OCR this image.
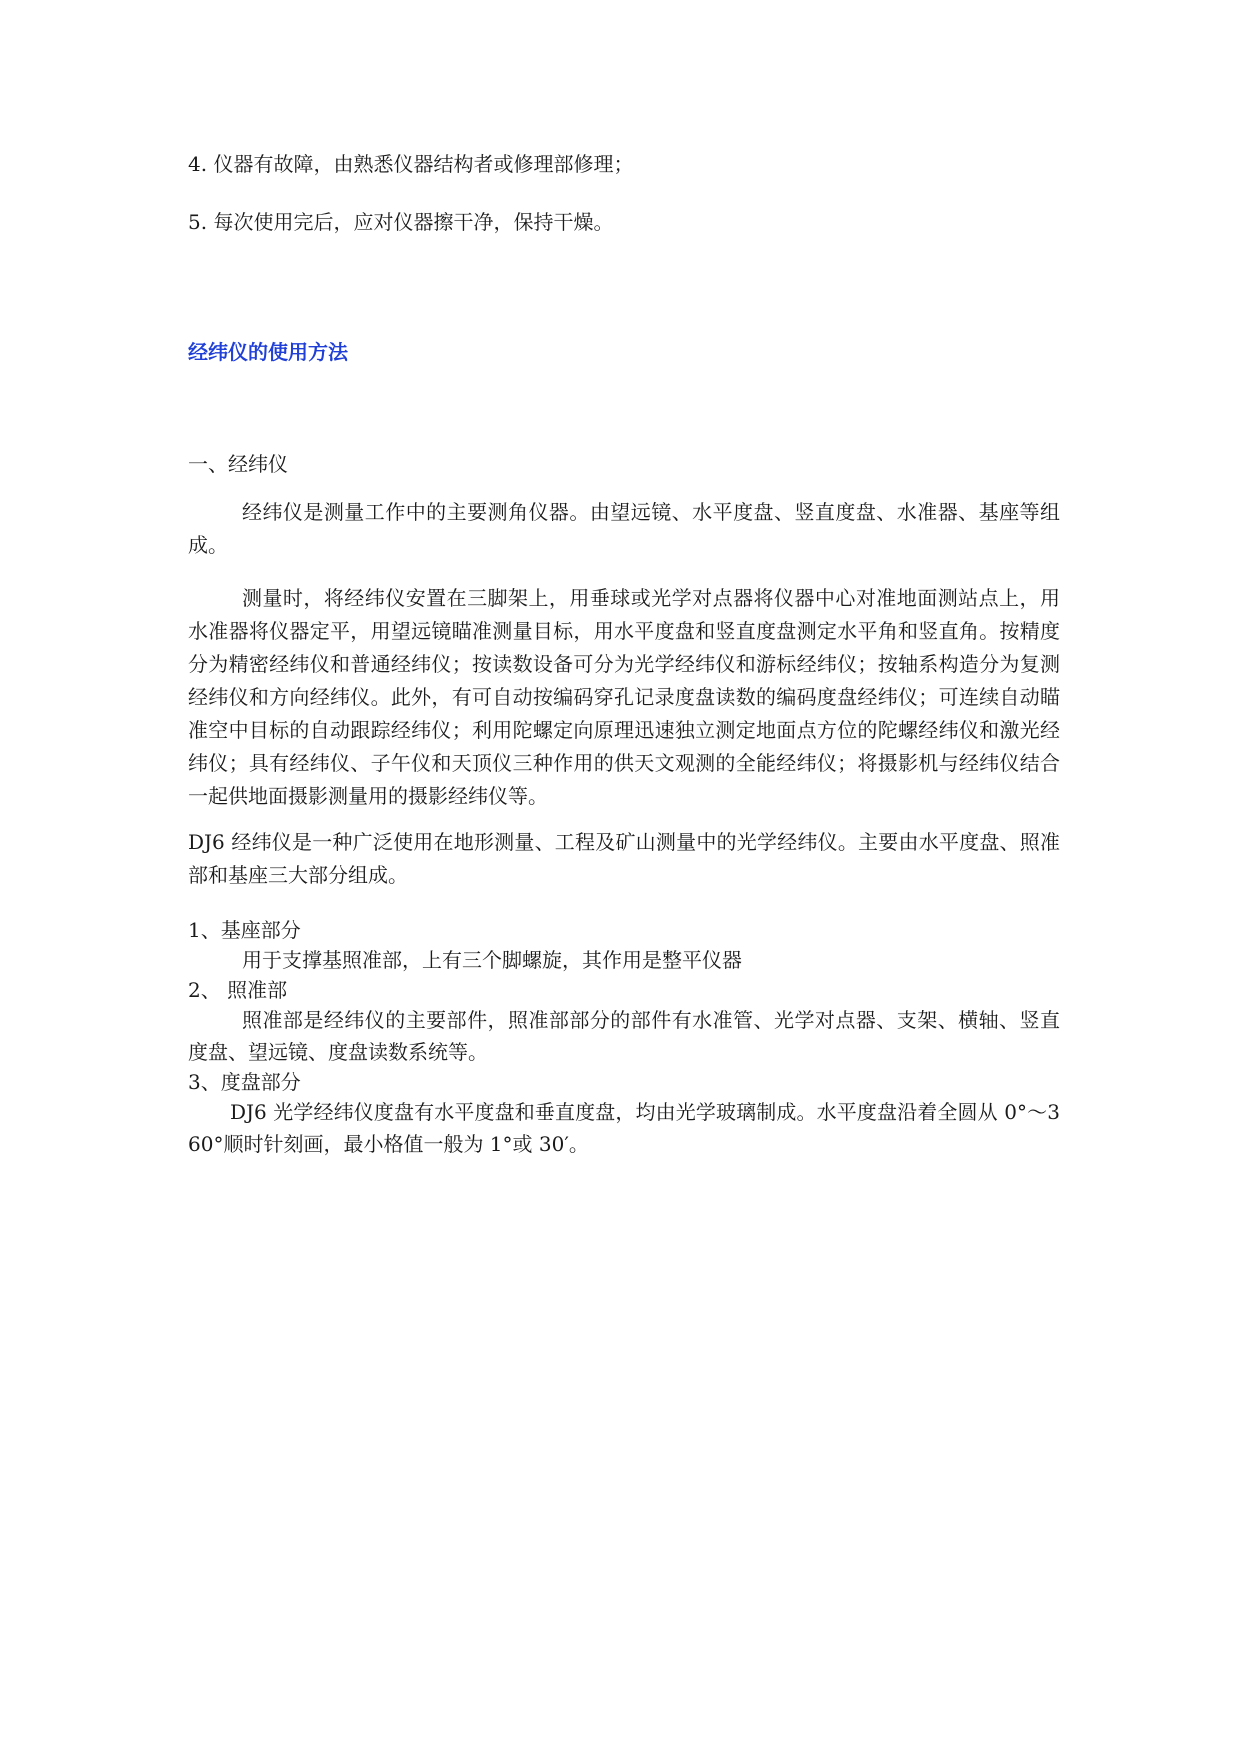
4. 仪器有故障，由熟悉仪器结构者或修理部修理；
5. 每次使用完后，应对仪器擦干净，保持干燥。
经纬仪的使用方法
一、经纬仪
经纬仪是测量工作中的主要测角仪器。由望远镜、水平度盘、竖直度盘、水准器、基座等组成。
测量时，将经纬仪安置在三脚架上，用垂球或光学对点器将仪器中心对准地面测站点上，用水准器将仪器定平，用望远镜瞄准测量目标，用水平度盘和竖直度盘测定水平角和竖直角。按精度分为精密经纬仪和普通经纬仪；按读数设备可分为光学经纬仪和游标经纬仪；按轴系构造分为复测经纬仪和方向经纬仪。此外，有可自动按编码穿孔记录度盘读数的编码度盘经纬仪；可连续自动瞄准空中目标的自动跟踪经纬仪；利用陀螺定向原理迅速独立测定地面点方位的陀螺经纬仪和激光经纬仪；具有经纬仪、子午仪和天顶仪三种作用的供天文观测的全能经纬仪；将摄影机与经纬仪结合一起供地面摄影测量用的摄影经纬仪等。
DJ6 经纬仪是一种广泛使用在地形测量、工程及矿山测量中的光学经纬仪。主要由水平度盘、照准部和基座三大部分组成。
1、基座部分
用于支撑基照准部，上有三个脚螺旋，其作用是整平仪器
2、 照准部
照准部是经纬仪的主要部件，照准部部分的部件有水准管、光学对点器、支架、横轴、竖直度盘、望远镜、度盘读数系统等。
3、度盘部分
DJ6 光学经纬仪度盘有水平度盘和垂直度盘，均由光学玻璃制成。水平度盘沿着全圆从 0°～360°顺时针刻画，最小格值一般为 1°或 30′。
